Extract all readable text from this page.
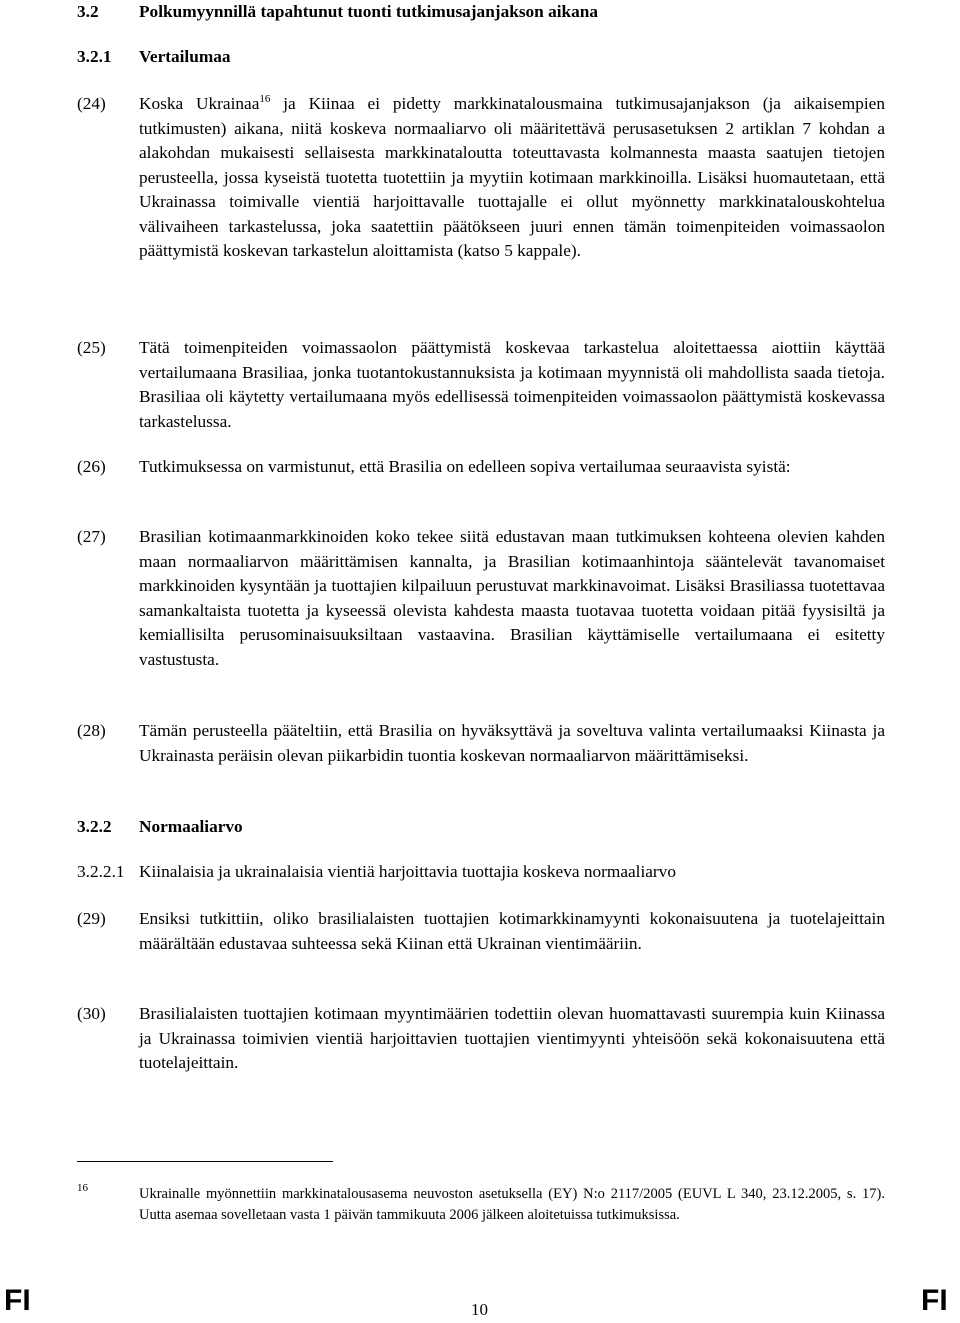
3.2 Polkumyynnillä tapahtunut tuonti tutkimusajanjakson aikana
3.2.1 Vertailumaa
(24) Koska Ukrainaa$^{16}$ ja Kiinaa ei pidetty markkinatalousmaina tutkimusajanjakson (ja aikaisempien tutkimusten) aikana, niitä koskeva normaaliarvo oli määritettävä perusasetuksen 2 artiklan 7 kohdan a alakohdan mukaisesti sellaisesta markkinataloutta toteuttavasta kolmannesta maasta saatujen tietojen perusteella, jossa kyseistä tuotetta tuotettiin ja myytiin kotimaan markkinoilla. Lisäksi huomautetaan, että Ukrainassa toimivalle vientiä harjoittavalle tuottajalle ei ollut myönnetty markkinatalouskohtelua välivaiheen tarkastelussa, joka saatettiin päätökseen juuri ennen tämän toimenpiteiden voimassaolon päättymistä koskevan tarkastelun aloittamista (katso 5 kappale).
(25) Tätä toimenpiteiden voimassaolon päättymistä koskevaa tarkastelua aloitettaessa aiottiin käyttää vertailumaana Brasiliaa, jonka tuotantokustannuksista ja kotimaan myynnistä oli mahdollista saada tietoja. Brasiliaa oli käytetty vertailumaana myös edellisessä toimenpiteiden voimassaolon päättymistä koskevassa tarkastelussa.
(26) Tutkimuksessa on varmistunut, että Brasilia on edelleen sopiva vertailumaa seuraavista syistä:
(27) Brasilian kotimaanmarkkinoiden koko tekee siitä edustavan maan tutkimuksen kohteena olevien kahden maan normaaliarvon määrittämisen kannalta, ja Brasilian kotimaanhintoja sääntelevät tavanomaiset markkinoiden kysyntään ja tuottajien kilpailuun perustuvat markkinavoimat. Lisäksi Brasiliassa tuotettavaa samankaltaista tuotetta ja kyseessä olevista kahdesta maasta tuotavaa tuotetta voidaan pitää fyysisiltä ja kemiallisilta perusominaisuuksiltaan vastaavina. Brasilian käyttämiselle vertailumaana ei esitetty vastustusta.
(28) Tämän perusteella pääteltiin, että Brasilia on hyväksyttävä ja soveltuva valinta vertailumaaksi Kiinasta ja Ukrainasta peräisin olevan piikarbidin tuontia koskevan normaaliarvon määrittämiseksi.
3.2.2 Normaaliarvo
3.2.2.1 Kiinalaisia ja ukrainalaisia vientiä harjoittavia tuottajia koskeva normaaliarvo
(29) Ensiksi tutkittiin, oliko brasilialaisten tuottajien kotimarkkinamyynti kokonaisuutena ja tuotelajeittain määrältään edustavaa suhteessa sekä Kiinan että Ukrainan vientimääriin.
(30) Brasilialaisten tuottajien kotimaan myyntimäärien todettiin olevan huomattavasti suurempia kuin Kiinassa ja Ukrainassa toimivien vientiä harjoittavien tuottajien vientimyynti yhteisöön sekä kokonaisuutena että tuotelajeittain.
16	Ukrainalle myönnettiin markkinatalousasema neuvoston asetuksella (EY) N:o 2117/2005 (EUVL L 340, 23.12.2005, s. 17). Uutta asemaa sovelletaan vasta 1 päivän tammikuuta 2006 jälkeen aloitetuissa tutkimuksissa.
FI	10	FI
